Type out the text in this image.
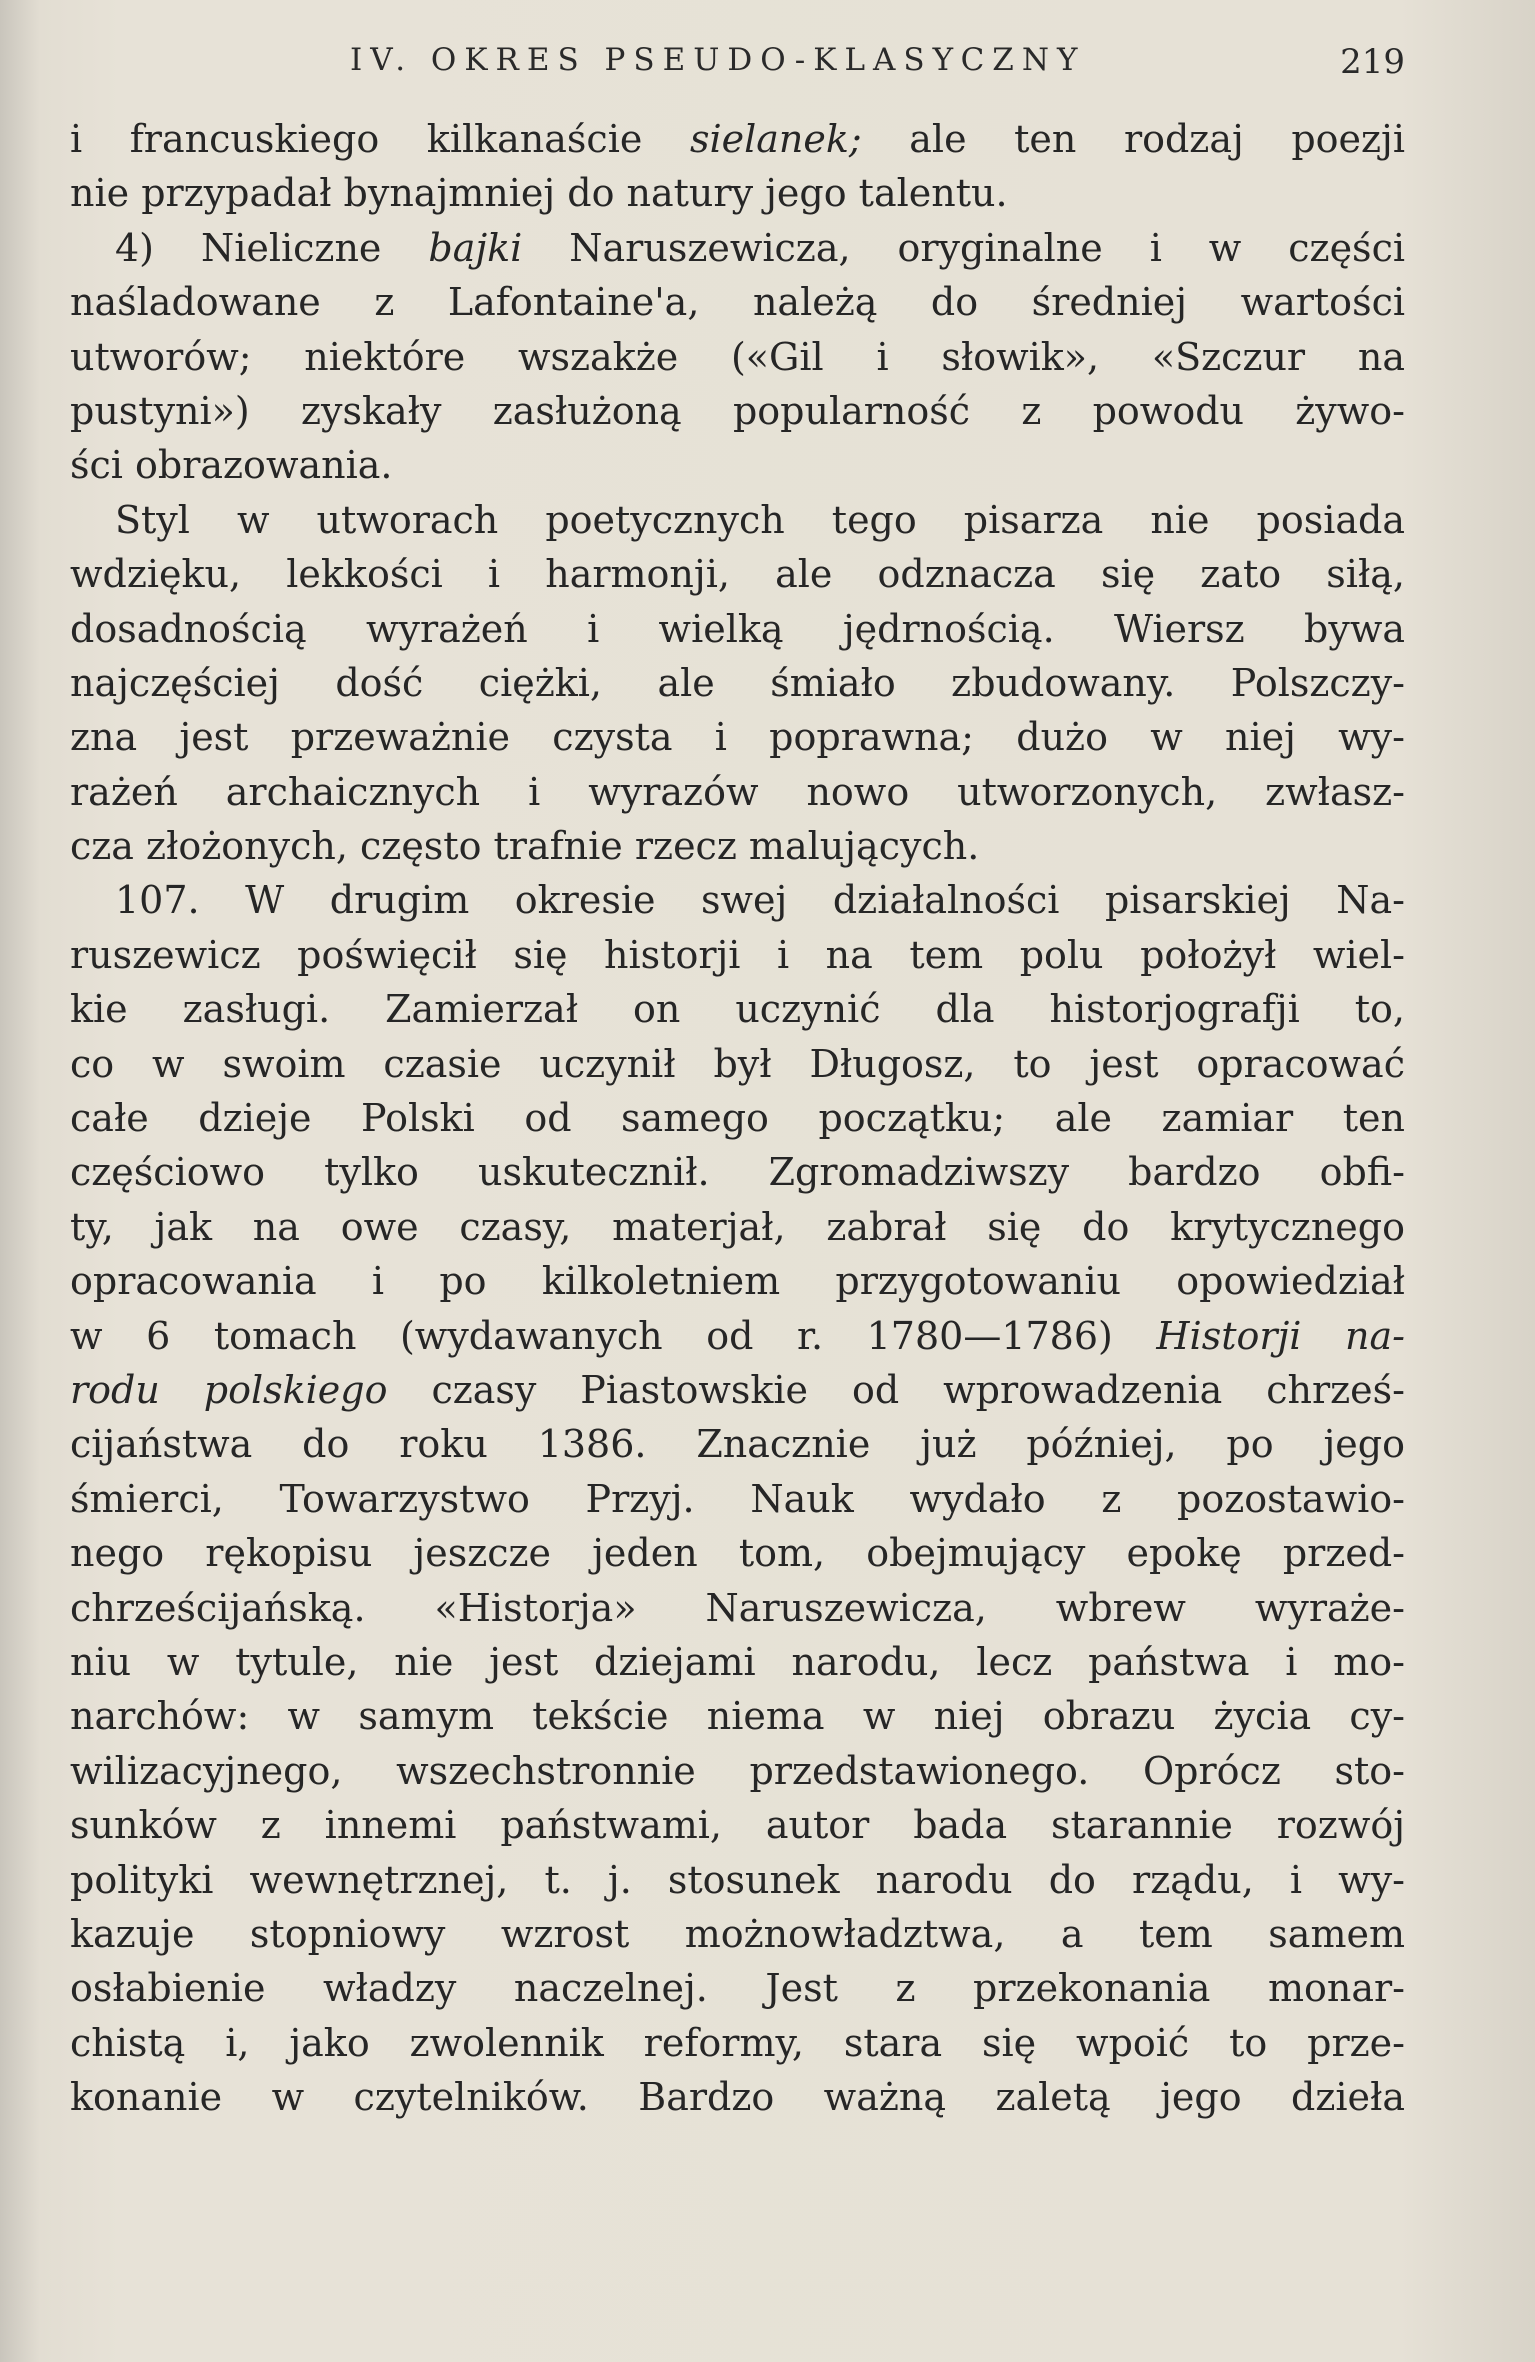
IV. OKRES PSEUDO-KLASYCZNY	219
i francuskiego kilkanaście sielanek; ale ten rodzaj poezji
nie przypadał bynajmniej do natury jego talentu.
4) Nieliczne bajki Naruszewicza, oryginalne i w części
naśladowane z Lafontaine'a, należą do średniej wartości
utworów; niektóre wszakże («Gil i słowik», «Szczur na
pustyni») zyskały zasłużoną popularność z powodu żywo-
ści obrazowania.
Styl w utworach poetycznych tego pisarza nie posiada
wdzięku, lekkości i harmonji, ale odznacza się zato siłą,
dosadnością wyrażeń i wielką jędrnością. Wiersz bywa
najczęściej dość ciężki, ale śmiało zbudowany. Polszczy-
zna jest przeważnie czysta i poprawna; dużo w niej wy-
rażeń archaicznych i wyrazów nowo utworzonych, zwłasz-
cza złożonych, często trafnie rzecz malujących.
107. W drugim okresie swej działalności pisarskiej Na-
ruszewicz poświęcił się historji i na tem polu położył wiel-
kie zasługi. Zamierzał on uczynić dla historjografji to,
co w swoim czasie uczynił był Długosz, to jest opracować
całe dzieje Polski od samego początku; ale zamiar ten
częściowo tylko uskutecznił. Zgromadziwszy bardzo obfi-
ty, jak na owe czasy, materjał, zabrał się do krytycznego
opracowania i po kilkoletniem przygotowaniu opowiedział
w 6 tomach (wydawanych od r. 1780—1786) Historji na-
rodu polskiego czasy Piastowskie od wprowadzenia chrześ-
cijaństwa do roku 1386. Znacznie już później, po jego
śmierci, Towarzystwo Przyj. Nauk wydało z pozostawio-
nego rękopisu jeszcze jeden tom, obejmujący epokę przed-
chrześcijańską. «Historja» Naruszewicza, wbrew wyraże-
niu w tytule, nie jest dziejami narodu, lecz państwa i mo-
narchów: w samym tekście niema w niej obrazu życia cy-
wilizacyjnego, wszechstronnie przedstawionego. Oprócz sto-
sunków z innemi państwami, autor bada starannie rozwój
polityki wewnętrznej, t. j. stosunek narodu do rządu, i wy-
kazuje stopniowy wzrost możnowładztwa, a tem samem
osłabienie władzy naczelnej. Jest z przekonania monar-
chistą i, jako zwolennik reformy, stara się wpoić to prze-
konanie w czytelników. Bardzo ważną zaletą jego dzieła
